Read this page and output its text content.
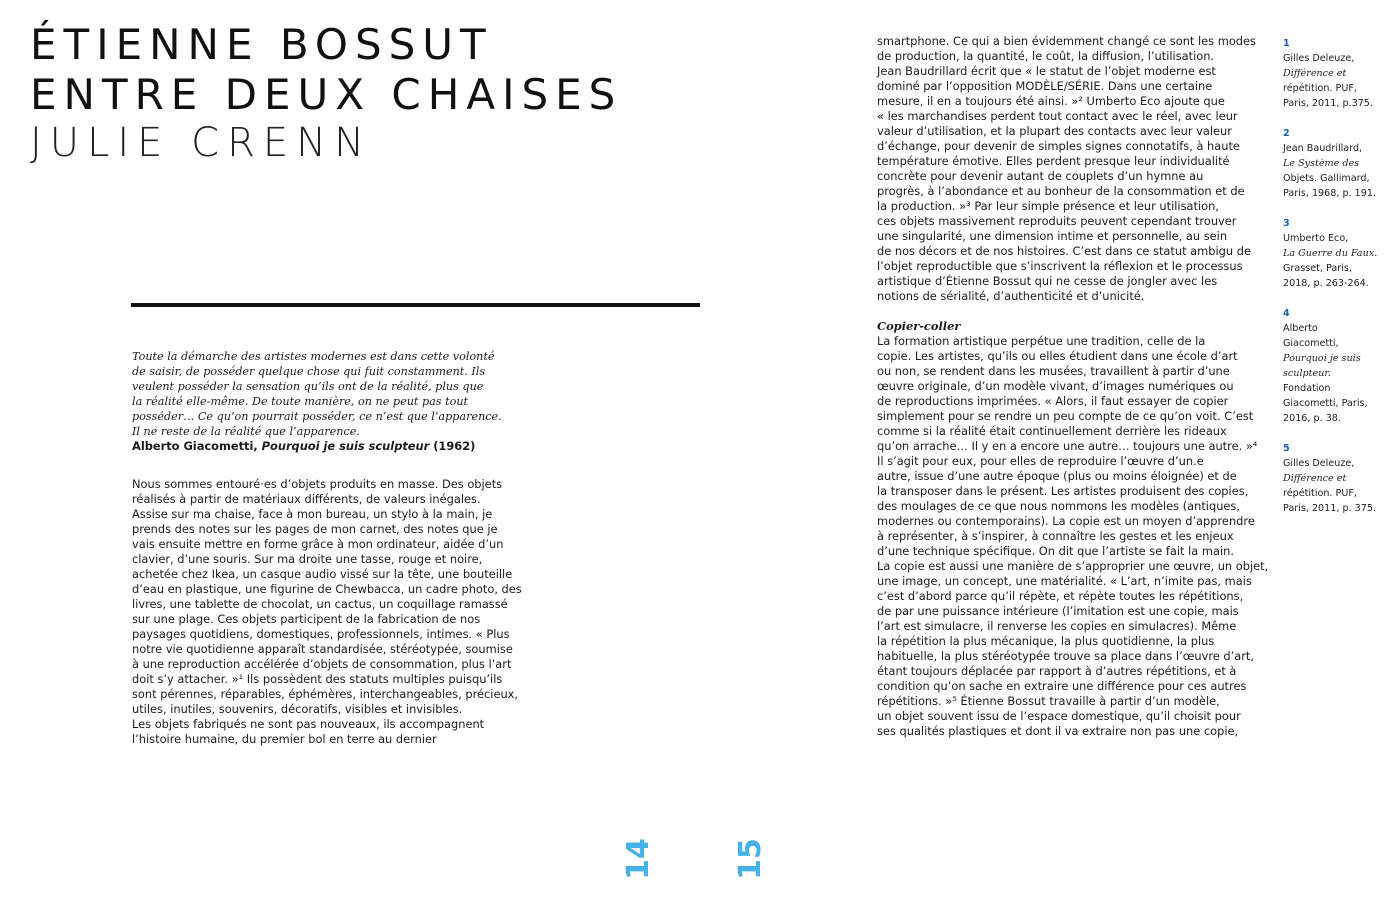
ÉTIENNE BOSSUT
ENTRE DEUX CHAISES
JULIE CRENN
Toute la démarche des artistes modernes est dans cette volonté
de saisir, de posséder quelque chose qui fuit constamment. Ils
veulent posséder la sensation qu’ils ont de la réalité, plus que
la réalité elle-même. De toute manière, on ne peut pas tout
posséder… Ce qu’on pourrait posséder, ce n’est que l’apparence.
Il ne reste de la réalité que l’apparence.
Alberto Giacometti, Pourquoi je suis sculpteur (1962)
Nous sommes entouré·es d’objets produits en masse. Des objets
réalisés à partir de matériaux différents, de valeurs inégales.
Assise sur ma chaise, face à mon bureau, un stylo à la main, je
prends des notes sur les pages de mon carnet, des notes que je
vais ensuite mettre en forme grâce à mon ordinateur, aidée d’un
clavier, d’une souris. Sur ma droite une tasse, rouge et noire,
achetée chez Ikea, un casque audio vissé sur la tête, une bouteille
d’eau en plastique, une figurine de Chewbacca, un cadre photo, des
livres, une tablette de chocolat, un cactus, un coquillage ramassé
sur une plage. Ces objets participent de la fabrication de nos
paysages quotidiens, domestiques, professionnels, intimes. « Plus
notre vie quotidienne apparaît standardisée, stéréotypée, soumise
à une reproduction accélérée d’objets de consommation, plus l’art
doit s’y attacher. »¹ Ils possèdent des statuts multiples puisqu’ils
sont pérennes, réparables, éphémères, interchangeables, précieux,
utiles, inutiles, souvenirs, décoratifs, visibles et invisibles.
Les objets fabriqués ne sont pas nouveaux, ils accompagnent
l’histoire humaine, du premier bol en terre au dernier
smartphone. Ce qui a bien évidemment changé ce sont les modes
de production, la quantité, le coût, la diffusion, l’utilisation.
Jean Baudrillard écrit que « le statut de l’objet moderne est
dominé par l’opposition MODÈLE/SÉRIE. Dans une certaine
mesure, il en a toujours été ainsi. »² Umberto Eco ajoute que
« les marchandises perdent tout contact avec le réel, avec leur
valeur d’utilisation, et la plupart des contacts avec leur valeur
d’échange, pour devenir de simples signes connotatifs, à haute
température émotive. Elles perdent presque leur individualité
concrète pour devenir autant de couplets d’un hymne au
progrès, à l’abondance et au bonheur de la consommation et de
la production. »³ Par leur simple présence et leur utilisation,
ces objets massivement reproduits peuvent cependant trouver
une singularité, une dimension intime et personnelle, au sein
de nos décors et de nos histoires. C’est dans ce statut ambigu de
l’objet reproductible que s’inscrivent la réflexion et le processus
artistique d’Étienne Bossut qui ne cesse de jongler avec les
notions de sérialité, d’authenticité et d’unicité.
Copier-coller
La formation artistique perpétue une tradition, celle de la
copie. Les artistes, qu’ils ou elles étudient dans une école d’art
ou non, se rendent dans les musées, travaillent à partir d’une
œuvre originale, d’un modèle vivant, d’images numériques ou
de reproductions imprimées. « Alors, il faut essayer de copier
simplement pour se rendre un peu compte de ce qu’on voit. C’est
comme si la réalité était continuellement derrière les rideaux
qu’on arrache… Il y en a encore une autre… toujours une autre. »⁴
Il s’agit pour eux, pour elles de reproduire l’œuvre d’un.e
autre, issue d’une autre époque (plus ou moins éloignée) et de
la transposer dans le présent. Les artistes produisent des copies,
des moulages de ce que nous nommons les modèles (antiques,
modernes ou contemporains). La copie est un moyen d’apprendre
à représenter, à s’inspirer, à connaître les gestes et les enjeux
d’une technique spécifique. On dit que l’artiste se fait la main.
La copie est aussi une manière de s’approprier une œuvre, un objet,
une image, un concept, une matérialité. « L’art, n’imite pas, mais
c’est d’abord parce qu’il répète, et répète toutes les répétitions,
de par une puissance intérieure (l’imitation est une copie, mais
l’art est simulacre, il renverse les copies en simulacres). Même
la répétition la plus mécanique, la plus quotidienne, la plus
habituelle, la plus stéréotypée trouve sa place dans l’œuvre d’art,
étant toujours déplacée par rapport à d’autres répétitions, et à
condition qu’on sache en extraire une différence pour ces autres
répétitions. »⁵ Étienne Bossut travaille à partir d’un modèle,
un objet souvent issu de l’espace domestique, qu’il choisit pour
ses qualités plastiques et dont il va extraire non pas une copie,
1
Gilles Deleuze,
Différence et
répétition. PUF,
Paris, 2011, p.375.
2
Jean Baudrillard,
Le Système des
Objets. Gallimard,
Paris, 1968, p. 191.
3
Umberto Eco,
La Guerre du Faux.
Grasset, Paris,
2018, p. 263-264.
4
Alberto
Giacometti,
Pourquoi je suis
sculpteur.
Fondation
Giacometti, Paris,
2016, p. 38.
5
Gilles Deleuze,
Différence et
répétition. PUF,
Paris, 2011, p. 375.
14	15
